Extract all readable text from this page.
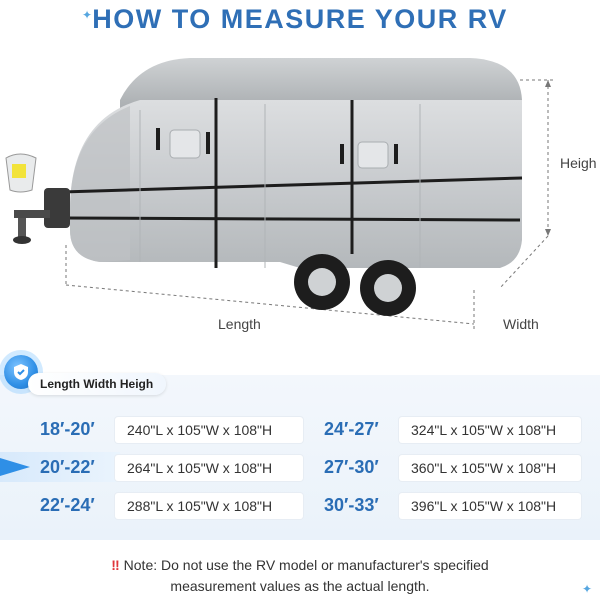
HOW TO MEASURE YOUR RV
✦
✦
Length	Width
Heigh
Length Width Heigh
18′-20′	240"L x 105"W x 108"H
20′-22′	264"L x 105"W x 108"H
22′-24′	288"L x 105"W x 108"H
24′-27′	324"L x 105"W x 108"H
27′-30′	360"L x 105"W x 108"H
30′-33′	396"L x 105"W x 108"H
‼ Note: Do not use the RV model or manufacturer's specified
measurement values as the actual length.
